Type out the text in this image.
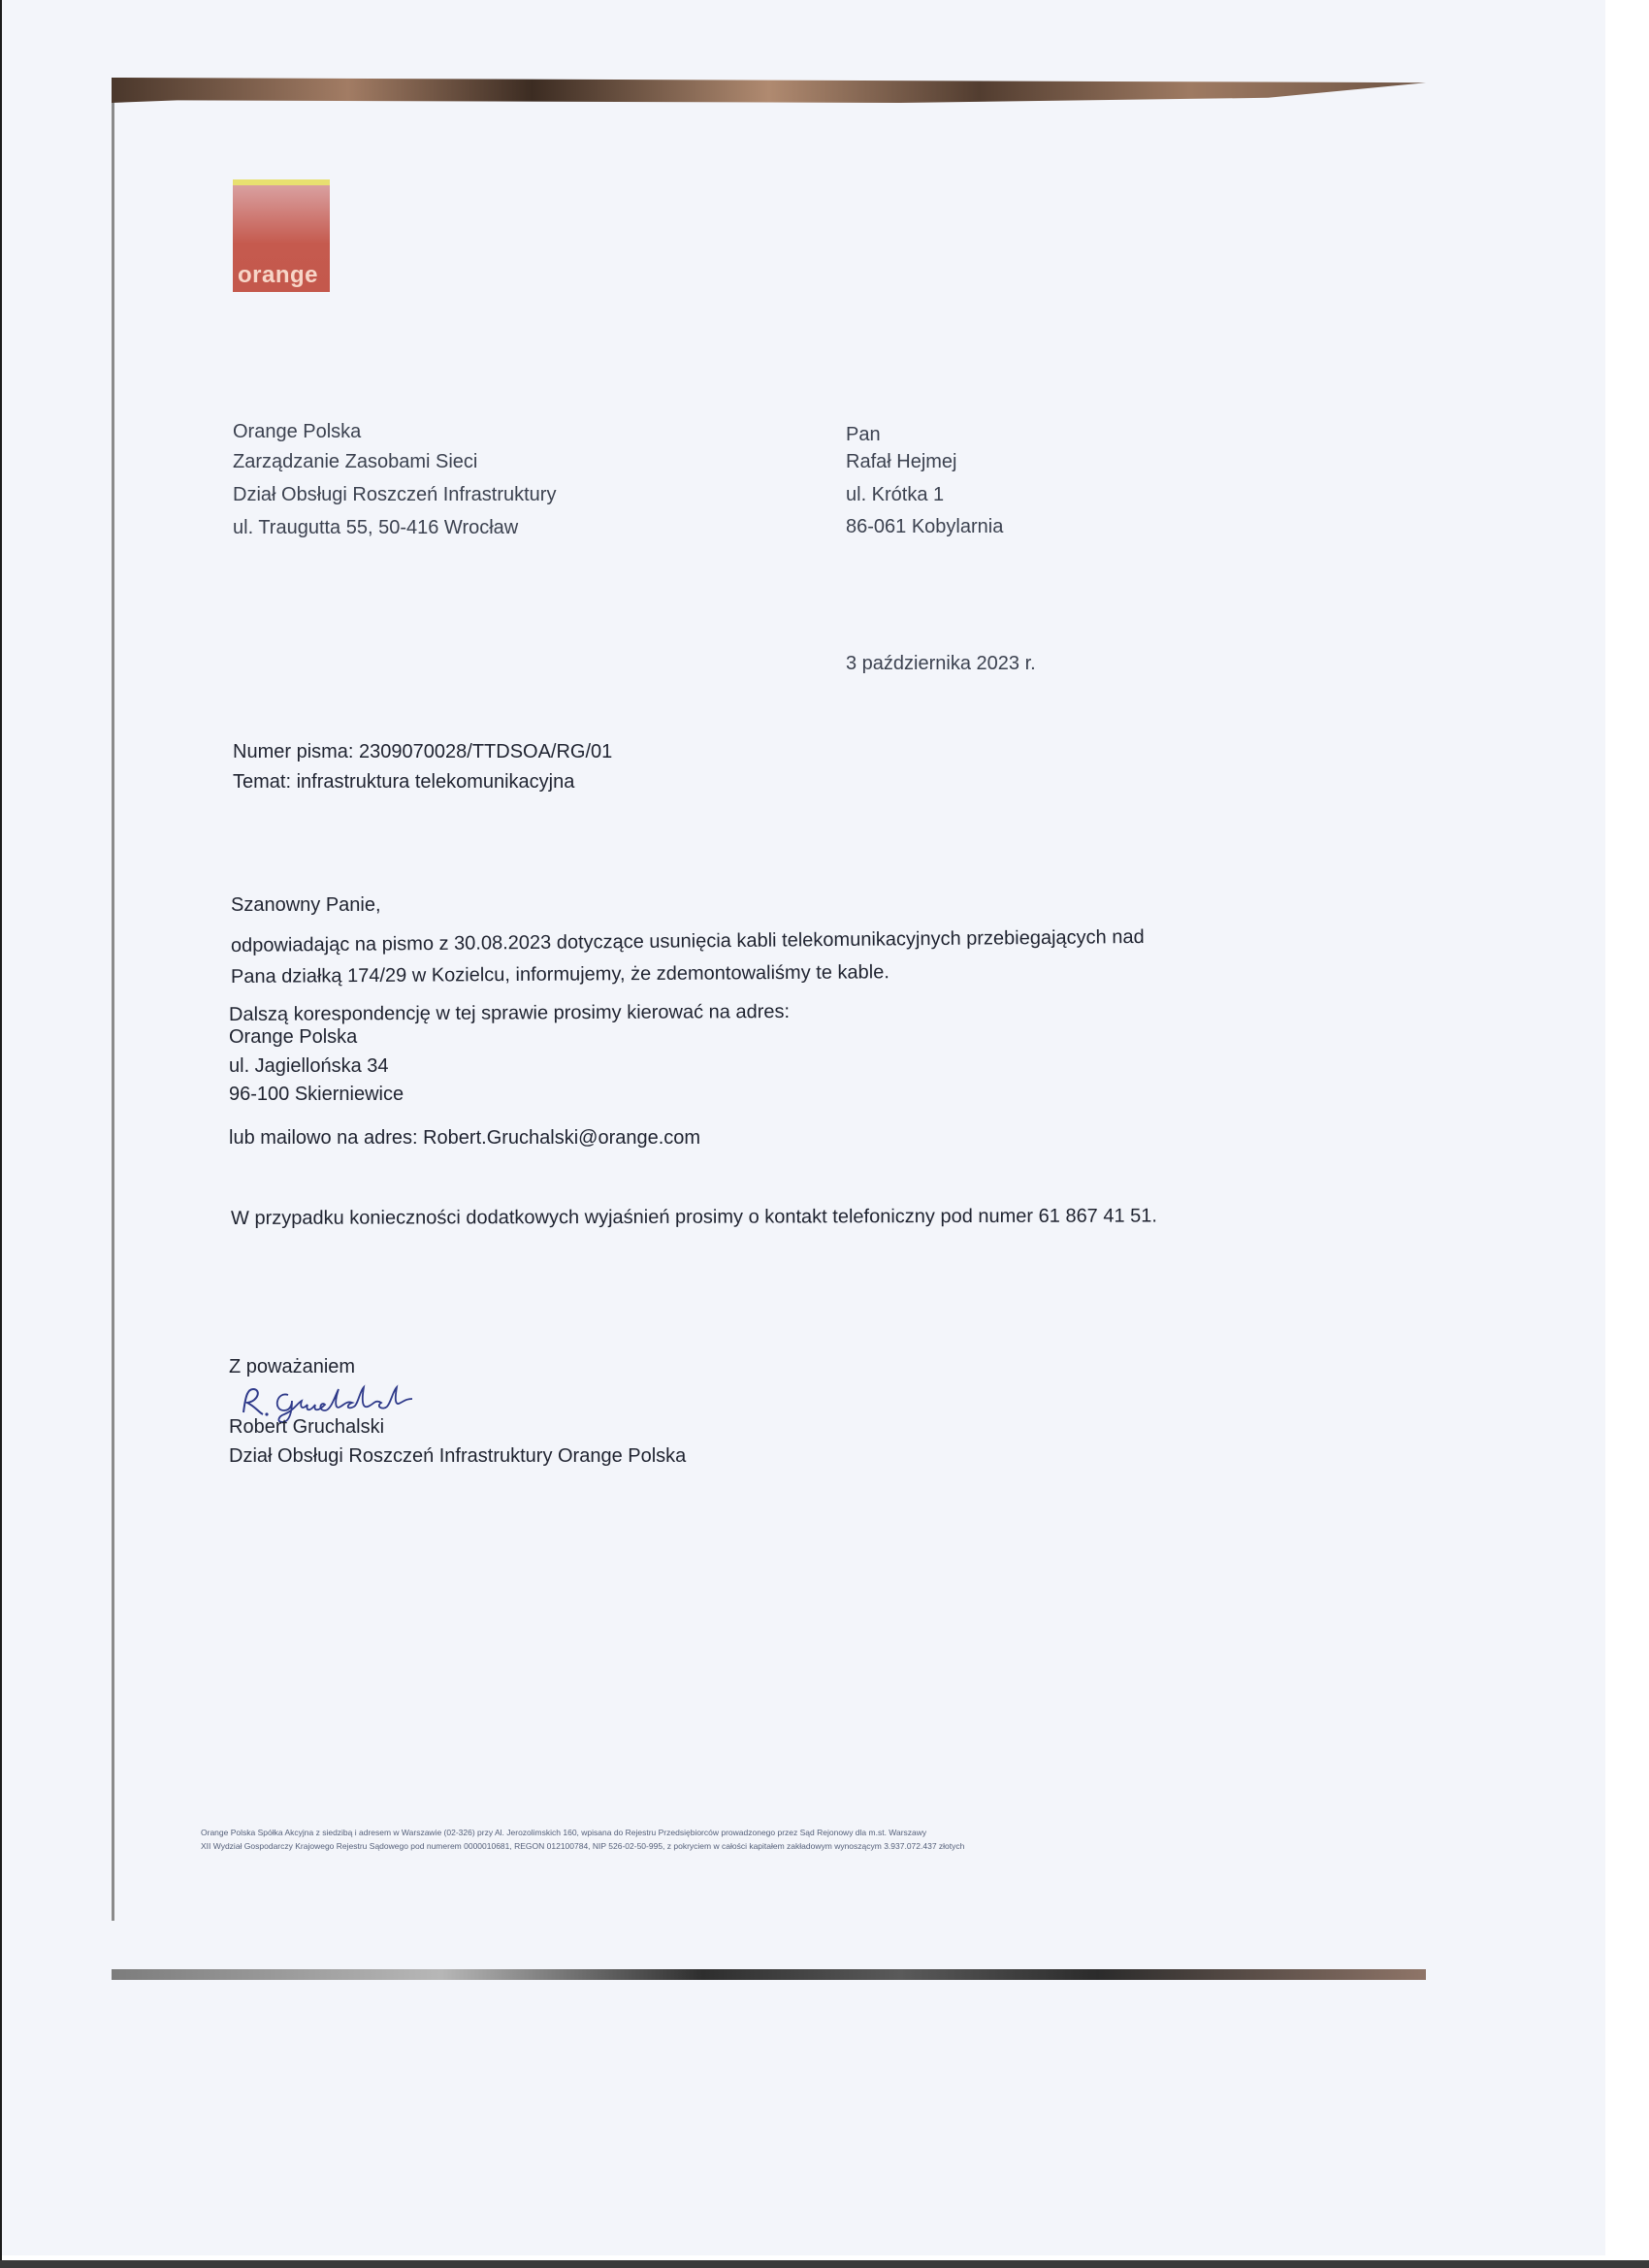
orange
Orange Polska
Zarządzanie Zasobami Sieci
Dział Obsługi Roszczeń Infrastruktury
ul. Traugutta 55, 50-416 Wrocław
Pan
Rafał Hejmej
ul. Krótka 1
86-061 Kobylarnia
3 października 2023 r.
Numer pisma: 2309070028/TTDSOA/RG/01
Temat: infrastruktura telekomunikacyjna
Szanowny Panie,
odpowiadając na pismo z 30.08.2023 dotyczące usunięcia kabli telekomunikacyjnych przebiegających nad
Pana działką 174/29 w Kozielcu, informujemy, że zdemontowaliśmy te kable.
Dalszą korespondencję w tej sprawie prosimy kierować na adres:
Orange Polska
ul. Jagiellońska 34
96-100 Skierniewice
lub mailowo na adres: Robert.Gruchalski@orange.com
W przypadku konieczności dodatkowych wyjaśnień prosimy o kontakt telefoniczny pod numer 61 867 41 51.
Z poważaniem
Robert Gruchalski
Dział Obsługi Roszczeń Infrastruktury Orange Polska
Orange Polska Spółka Akcyjna z siedzibą i adresem w Warszawie (02-326) przy Al. Jerozolimskich 160, wpisana do Rejestru Przedsiębiorców prowadzonego przez Sąd Rejonowy dla m.st. Warszawy
XII Wydział Gospodarczy Krajowego Rejestru Sądowego pod numerem 0000010681, REGON 012100784, NIP 526-02-50-995, z pokryciem w całości kapitałem zakładowym wynoszącym 3.937.072.437 złotych
